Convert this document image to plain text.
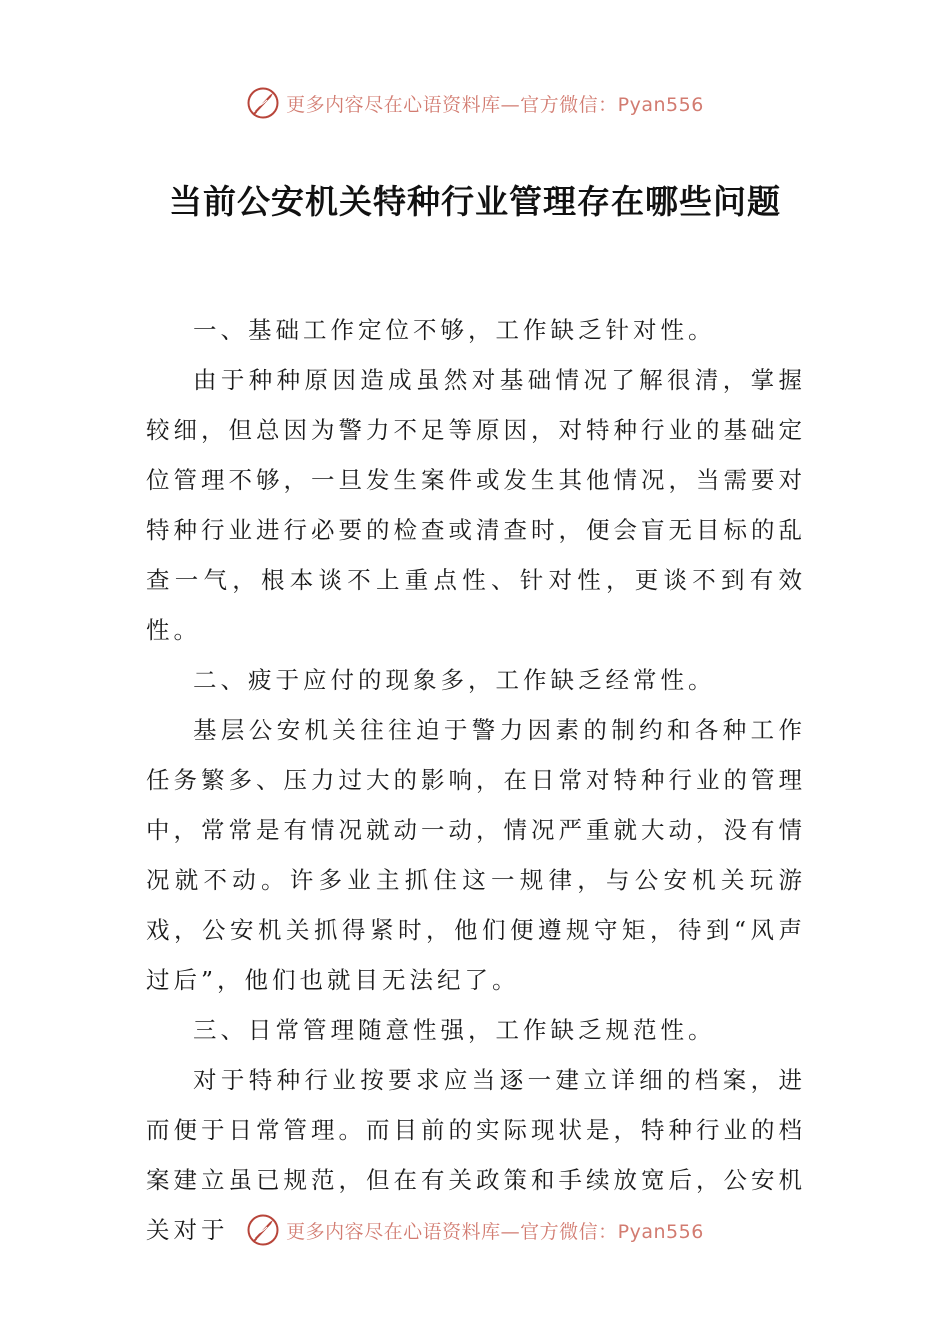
更多内容尽在心语资料库—官方微信：Pyan556
当前公安机关特种行业管理存在哪些问题

一、基础工作定位不够，工作缺乏针对性。

由于种种原因造成虽然对基础情况了解很清，掌握较细，但总因为警力不足等原因，对特种行业的基础定位管理不够，一旦发生案件或发生其他情况，当需要对特种行业进行必要的检查或清查时，便会盲无目标的乱查一气，根本谈不上重点性、针对性，更谈不到有效性。

二、疲于应付的现象多，工作缺乏经常性。

基层公安机关往往迫于警力因素的制约和各种工作任务繁多、压力过大的影响，在日常对特种行业的管理中，常常是有情况就动一动，情况严重就大动，没有情况就不动。许多业主抓住这一规律，与公安机关玩游戏，公安机关抓得紧时，他们便遵规守矩，待到“风声过后”，他们也就目无法纪了。

三、日常管理随意性强，工作缺乏规范性。

对于特种行业按要求应当逐一建立详细的档案，进而便于日常管理。而目前的实际现状是，特种行业的档案建立虽已规范，但在有关政策和手续放宽后，公安机关对于	更多内容尽在心语资料库—官方微信：Pyan556
